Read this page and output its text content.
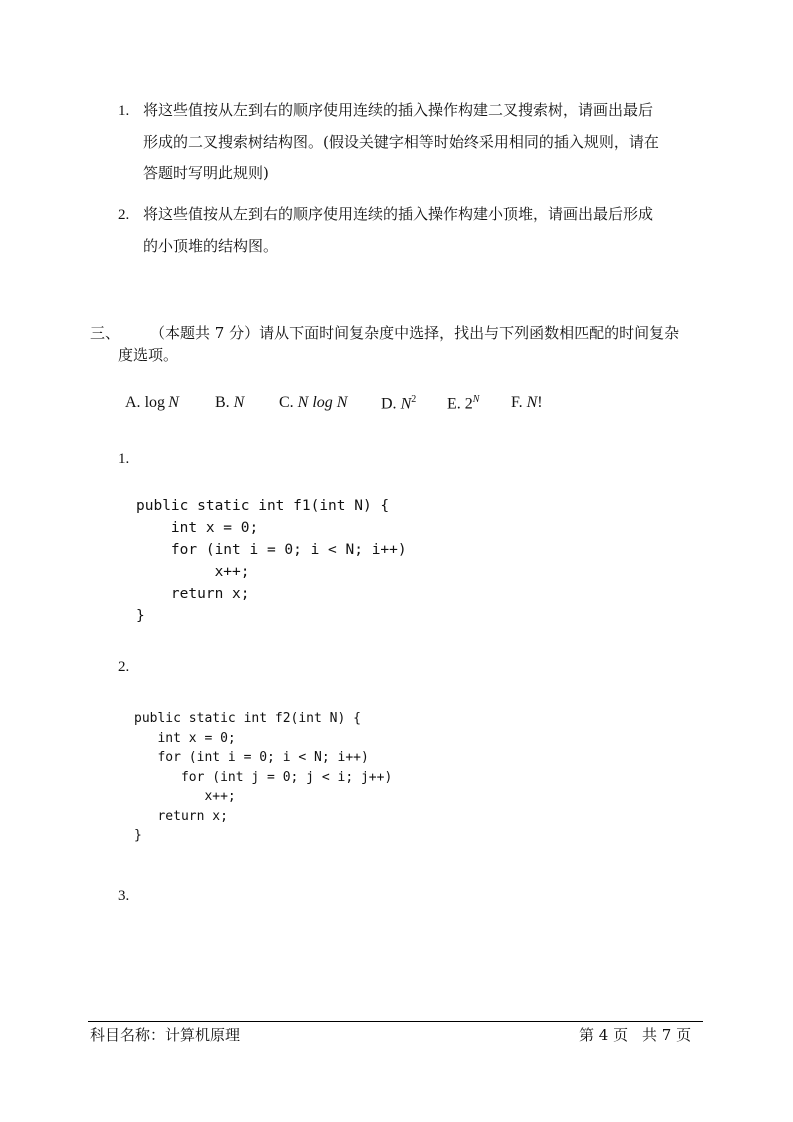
1. 将这些值按从左到右的顺序使用连续的插入操作构建二叉搜索树，请画出最后
形成的二叉搜索树结构图。(假设关键字相等时始终采用相同的插入规则，请在
答题时写明此规则)
2. 将这些值按从左到右的顺序使用连续的插入操作构建小顶堆，请画出最后形成
的小顶堆的结构图。
三、 （本题共 7 分）请从下面时间复杂度中选择，找出与下列函数相匹配的时间复杂
度选项。
A. log  N B. N C. N log N D. $N^2$ E. $2^N$ F. N!
1.
public static int f1(int N) {
int x = 0;
for (int i = 0; i < N; i++)
x++;
return x;
}
2.
public static int f2(int N) {
int x = 0;
for (int i = 0; i < N; i++)
for (int j = 0; j < i; j++)
x++;
return x;
}
3.
科目名称：计算机原理	第 4 页 共 7 页
